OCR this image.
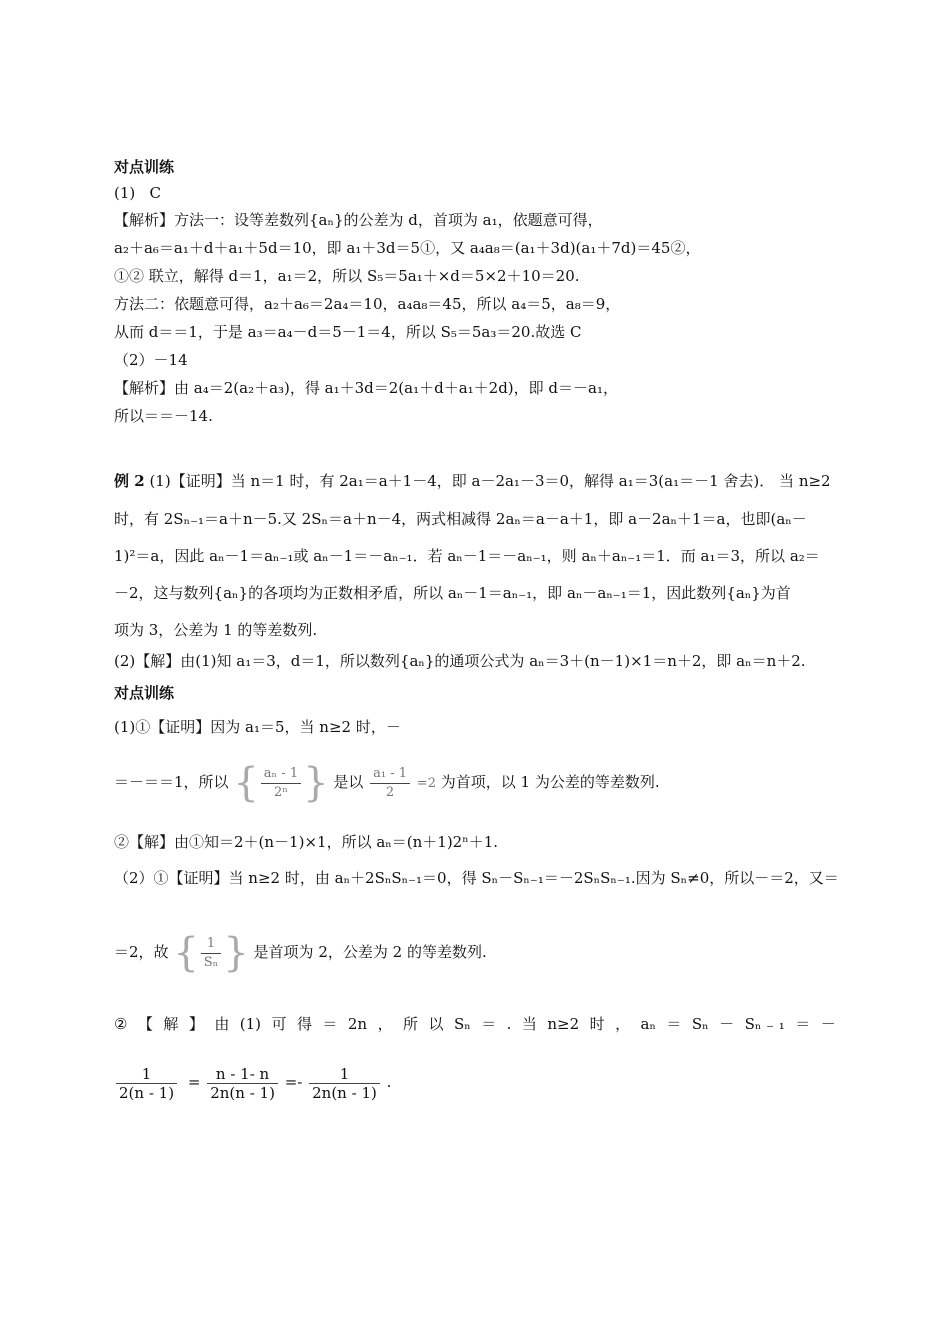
对点训练
(1)   C
【解析】方法一：设等差数列{aₙ}的公差为 d，首项为 a₁，依题意可得，
a₂＋a₆＝a₁＋d＋a₁＋5d＝10，即 a₁＋3d＝5①，又 a₄a₈＝(a₁＋3d)(a₁＋7d)＝45②，
①② 联立，解得 d＝1，a₁＝2，所以 S₅＝5a₁＋×d＝5×2＋10＝20.
方法二：依题意可得，a₂＋a₆＝2a₄＝10，a₄a₈＝45，所以 a₄＝5，a₈＝9，
从而 d＝＝1，于是 a₃＝a₄－d＝5－1＝4，所以 S₅＝5a₃＝20.故选 C
（2）－14
【解析】由 a₄＝2(a₂＋a₃)，得 a₁＋3d＝2(a₁＋d＋a₁＋2d)，即 d＝－a₁，
所以＝＝－14.
例 2 (1)【证明】当 n＝1 时，有 2a₁＝a＋1－4，即 a－2a₁－3＝0，解得 a₁＝3(a₁＝－1 舍去)． 当 n≥2
时，有 2Sₙ₋₁＝a＋n－5.又 2Sₙ＝a＋n－4，两式相减得 2aₙ＝a－a＋1，即 a－2aₙ＋1＝a，也即(aₙ－
1)²＝a，因此 aₙ－1＝aₙ₋₁或 aₙ－1＝－aₙ₋₁．若 aₙ－1＝－aₙ₋₁，则 aₙ＋aₙ₋₁＝1．而 a₁＝3，所以 a₂＝
－2，这与数列{aₙ}的各项均为正数相矛盾，所以 aₙ－1＝aₙ₋₁，即 aₙ－aₙ₋₁＝1，因此数列{aₙ}为首
项为 3，公差为 1 的等差数列.
(2)【解】由(1)知 a₁＝3，d＝1，所以数列{aₙ}的通项公式为 aₙ＝3＋(n－1)×1＝n＋2，即 aₙ＝n＋2.
对点训练
(1)①【证明】因为 a₁＝5，当 n≥2 时，－
＝－＝＝1，所以 { $\frac{\text{aₙ - 1}}{\text{2ⁿ}}$ } 是以 $\frac{\text{a₁ - 1}}{2} =2$ 为首项，以 1 为公差的等差数列.
②【解】由①知＝2＋(n－1)×1，所以 aₙ＝(n＋1)2ⁿ＋1.
（2）①【证明】当 n≥2 时，由 aₙ＋2SₙSₙ₋₁＝0，得 Sₙ－Sₙ₋₁＝－2SₙSₙ₋₁.因为 Sₙ≠0，所以－＝2，又＝
＝2，故 { $\frac{1}{\text{Sₙ}}$ } 是首项为 2，公差为 2 的等差数列.
② 【 解 】 由 (1) 可 得 ＝ 2n ， 所 以 Sₙ ＝ . 当 n≥2 时 ， aₙ ＝ Sₙ － Sₙ ₋ ₁ ＝ －
$\frac{1}{2(n - 1)} = \frac{n - 1- n}{2n(n - 1)} =- \frac{1}{2n(n - 1)}$ .
